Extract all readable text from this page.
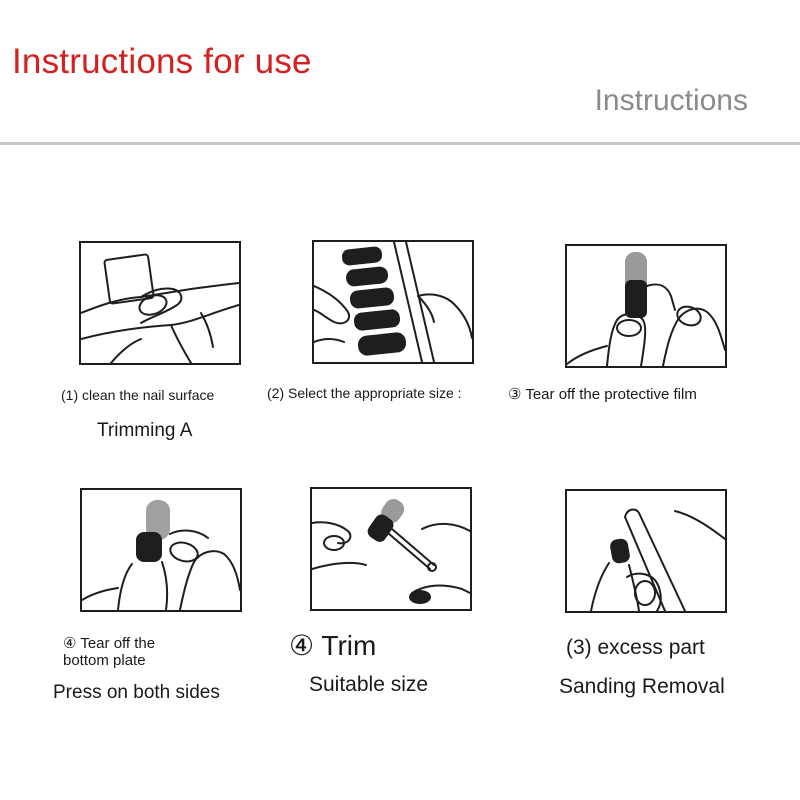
Instructions for use
Instructions
(1) clean the nail surface
Trimming A
(2) Select the appropriate size :	③ Tear off the protective film
④ Tear off the
bottom plate
Press on both sides
④ Trim
Suitable size
(3) excess part
Sanding Removal
